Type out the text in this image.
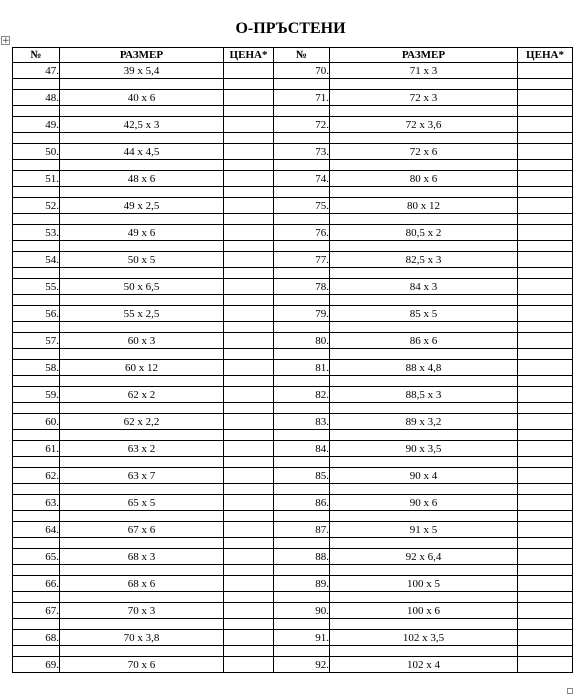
О-ПРЪСТЕНИ
+
№	РАЗМЕР	ЦЕНА*	№	РАЗМЕР	ЦЕНА*
47.	39 x 5,4		70.	71 x 3	

48.	40 x 6		71.	72 x 3	

49.	42,5 x 3		72.	72 x 3,6	

50.	44 x 4,5		73.	72 x 6	

51.	48 x 6		74.	80 x 6	

52.	49 x 2,5		75.	80 x 12	

53.	49 x 6		76.	80,5 x 2	

54.	50 x 5		77.	82,5 x 3	

55.	50 x 6,5		78.	84 x 3	

56.	55 x 2,5		79.	85 x 5	

57.	60 x 3		80.	86 x 6	

58.	60 x 12		81.	88 x 4,8	

59.	62 x 2		82.	88,5 x 3	

60.	62 x 2,2		83.	89 x 3,2	

61.	63 x 2		84.	90 x 3,5	

62.	63 x 7		85.	90 x 4	

63.	65 x 5		86.	90 x 6	

64.	67 x 6		87.	91 x 5	

65.	68 x 3		88.	92 x 6,4	

66.	68 x 6		89.	100 x 5	

67.	70 x 3		90.	100 x 6	

68.	70 x 3,8		91.	102 x 3,5	

69.	70 x 6		92.	102 x 4	
